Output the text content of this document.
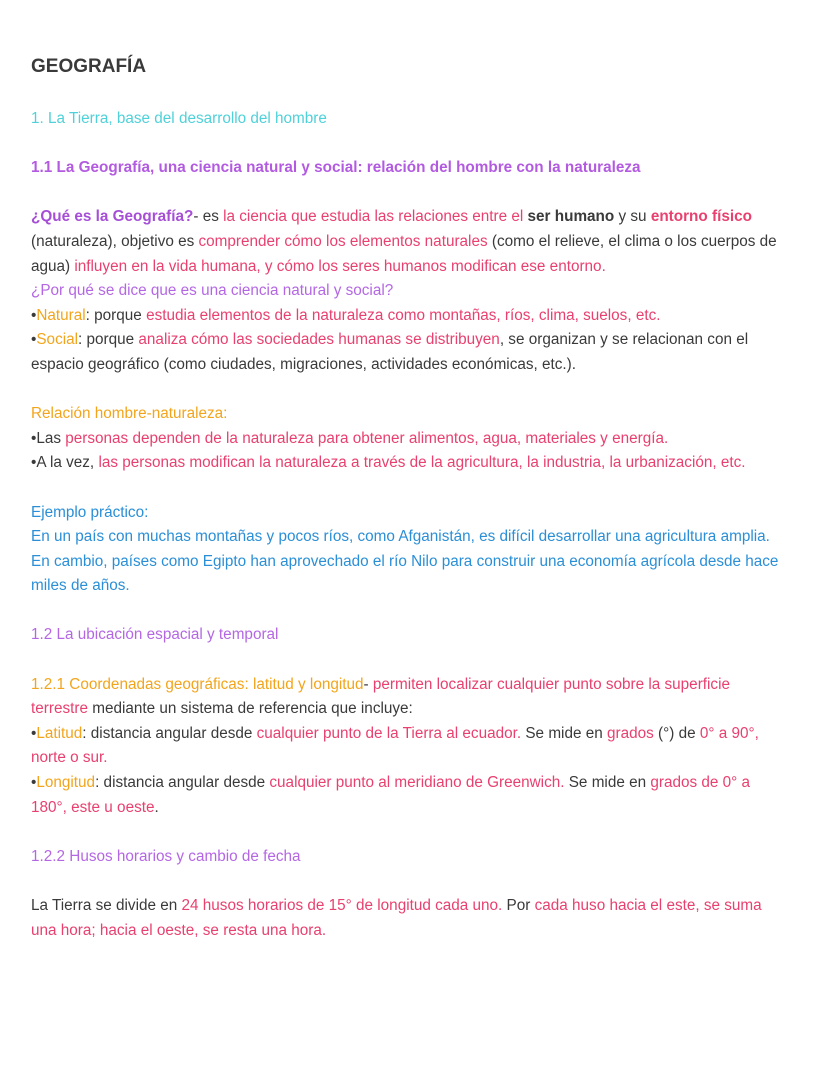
GEOGRAFÍA

1. La Tierra, base del desarrollo del hombre

1.1 La Geografía, una ciencia natural y social: relación del hombre con la naturaleza

¿Qué es la Geografía?- es la ciencia que estudia las relaciones entre el ser humano y su entorno físico (naturaleza), objetivo es comprender cómo los elementos naturales (como el relieve, el clima o los cuerpos de agua) influyen en la vida humana, y cómo los seres humanos modifican ese entorno.

¿Por qué se dice que es una ciencia natural y social?

•Natural: porque estudia elementos de la naturaleza como montañas, ríos, clima, suelos, etc.

•Social: porque analiza cómo las sociedades humanas se distribuyen, se organizan y se relacionan con el espacio geográfico (como ciudades, migraciones, actividades económicas, etc.).

Relación hombre-naturaleza:

•Las personas dependen de la naturaleza para obtener alimentos, agua, materiales y energía.

•A la vez, las personas modifican la naturaleza a través de la agricultura, la industria, la urbanización, etc.

Ejemplo práctico:

En un país con muchas montañas y pocos ríos, como Afganistán, es difícil desarrollar una agricultura amplia. En cambio, países como Egipto han aprovechado el río Nilo para construir una economía agrícola desde hace miles de años.

1.2 La ubicación espacial y temporal

1.2.1 Coordenadas geográficas: latitud y longitud- permiten localizar cualquier punto sobre la superficie terrestre mediante un sistema de referencia que incluye:

•Latitud: distancia angular desde cualquier punto de la Tierra al ecuador. Se mide en grados (°) de 0° a 90°, norte o sur.

•Longitud: distancia angular desde cualquier punto al meridiano de Greenwich. Se mide en grados de 0° a 180°, este u oeste.

1.2.2 Husos horarios y cambio de fecha

La Tierra se divide en 24 husos horarios de 15° de longitud cada uno. Por cada huso hacia el este, se suma una hora; hacia el oeste, se resta una hora.
